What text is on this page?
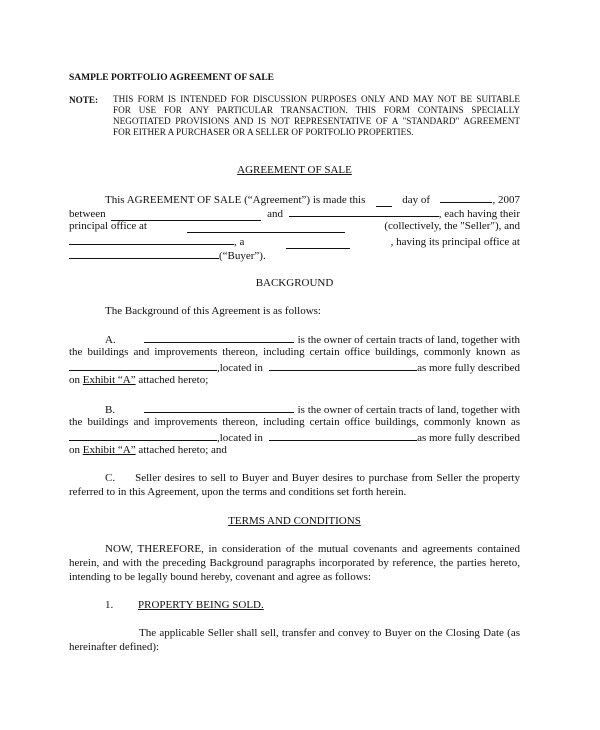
SAMPLE PORTFOLIO AGREEMENT OF SALE
NOTE:	THIS FORM IS INTENDED FOR DISCUSSION PURPOSES ONLY AND MAY NOT BE SUITABLE
FOR USE FOR ANY PARTICULAR TRANSACTION. THIS FORM CONTAINS SPECIALLY
NEGOTIATED PROVISIONS AND IS NOT REPRESENTATIVE OF A "STANDARD" AGREEMENT
FOR EITHER A PURCHASER OR A SELLER OF PORTFOLIO PROPERTIES.
AGREEMENT OF SALE
This AGREEMENT OF SALE (“Agreement”) is made this	day of	, 2007
between	and	, each having their
principal office at	(collectively, the "Seller"), and
, a	, having its principal office at
(“Buyer”).
BACKGROUND
The Background of this Agreement is as follows:
A.	is the owner of certain tracts of land, together with
the buildings and improvements thereon, including certain office buildings, commonly known as
,located in	as more fully described
on Exhibit “A” attached hereto;
B.	is the owner of certain tracts of land, together with
the buildings and improvements thereon, including certain office buildings, commonly known as
,located in	as more fully described
on Exhibit “A” attached hereto; and
C. Seller desires to sell to Buyer and Buyer desires to purchase from Seller the property
referred to in this Agreement, upon the terms and conditions set forth herein.
TERMS AND CONDITIONS
NOW, THEREFORE, in consideration of the mutual covenants and agreements contained
herein, and with the preceding Background paragraphs incorporated by reference, the parties hereto,
intending to be legally bound hereby, covenant and agree as follows:
1. PROPERTY BEING SOLD.
The applicable Seller shall sell, transfer and convey to Buyer on the Closing Date (as
hereinafter defined):
